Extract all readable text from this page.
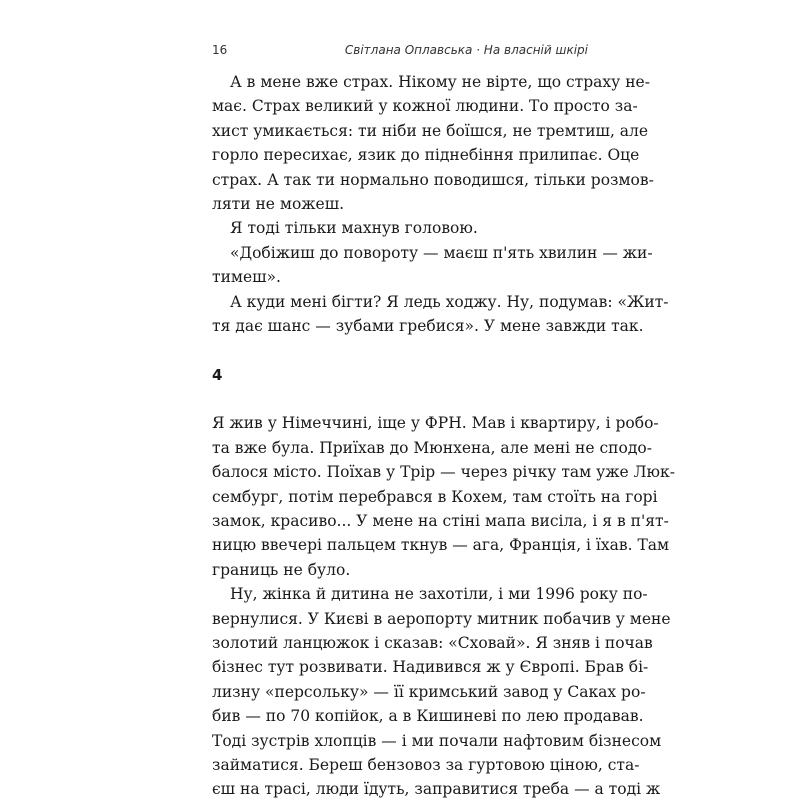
16	Світлана Оплавська · На власній шкірі
А в мене вже страх. Нікому не вірте, що страху не-
має. Страх великий у кожної людини. То просто за-
хист умикається: ти ніби не боїшся, не тремтиш, але
горло пересихає, язик до піднебіння прилипає. Оце
страх. А так ти нормально поводишся, тільки розмов-
ляти не можеш.
Я тоді тільки махнув головою.
«Добіжиш до повороту — маєш п'ять хвилин — жи-
тимеш».
А куди мені бігти? Я ледь ходжу. Ну, подумав: «Жит-
тя дає шанс — зубами гребися». У мене завжди так.
4
Я жив у Німеччині, іще у ФРН. Мав і квартиру, і робо-
та вже була. Приїхав до Мюнхена, але мені не сподо-
балося місто. Поїхав у Трір — через річку там уже Люк-
сембург, потім перебрався в Кохем, там стоїть на горі
замок, красиво... У мене на стіні мапа висіла, і я в п'ят-
ницю ввечері пальцем ткнув — ага, Франція, і їхав. Там
границь не було.
Ну, жінка й дитина не захотіли, і ми 1996 року по-
вернулися. У Києві в аеропорту митник побачив у мене
золотий ланцюжок і сказав: «Сховай». Я зняв і почав
бізнес тут розвивати. Надивився ж у Європі. Брав бі-
лизну «персольку» — її кримський завод у Саках ро-
бив — по 70 копійок, а в Кишиневі по лею продавав.
Тоді зустрів хлопців — і ми почали нафтовим бізнесом
займатися. Береш бензовоз за гуртовою ціною, ста-
єш на трасі, люди їдуть, заправитися треба — а тоді ж
